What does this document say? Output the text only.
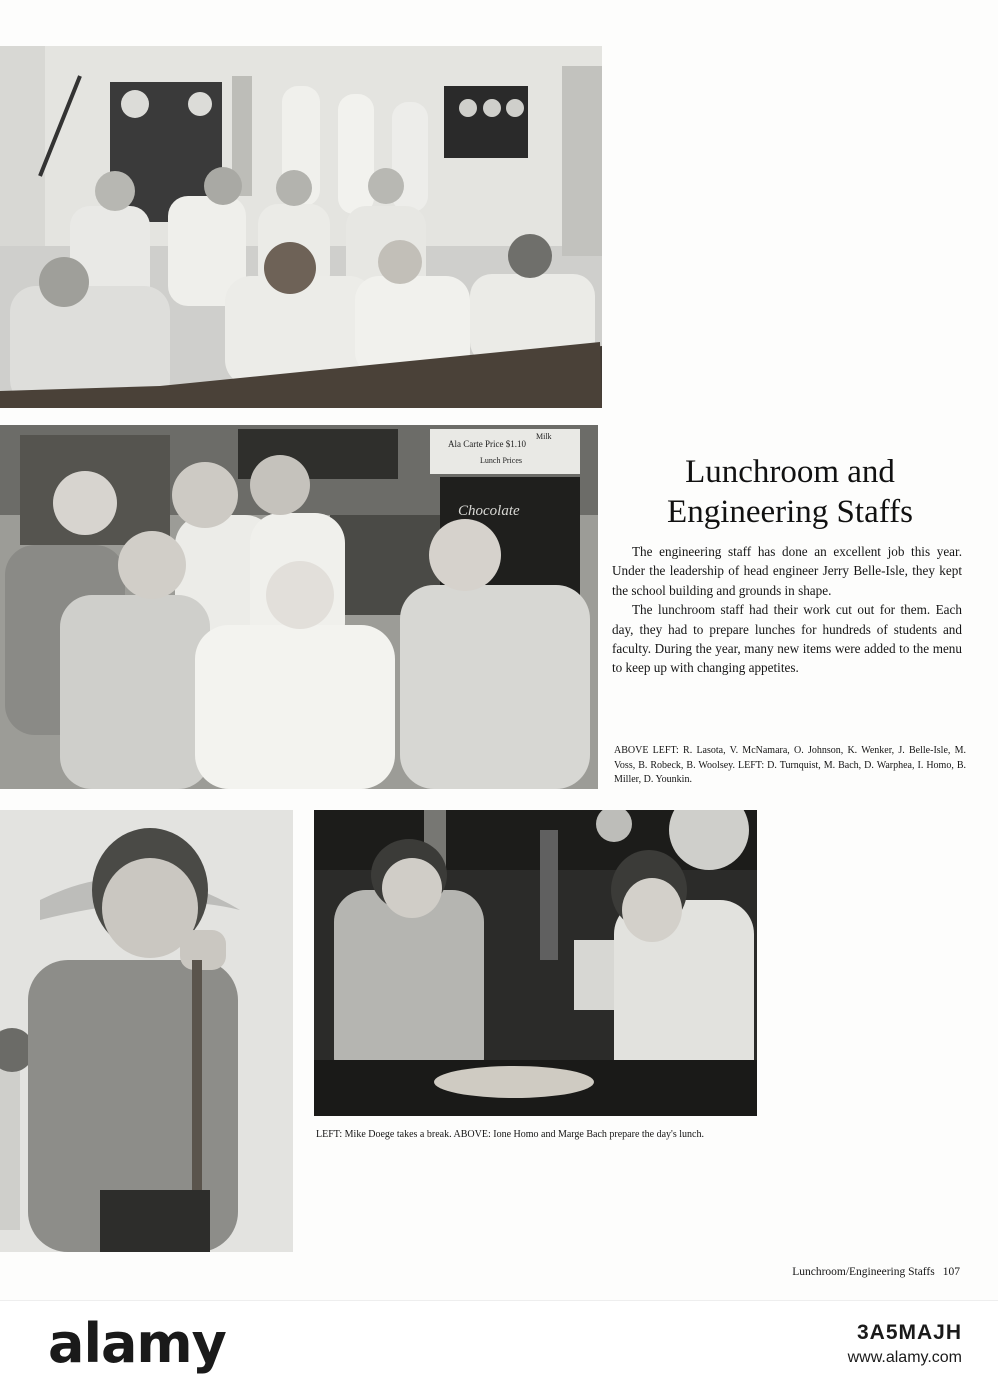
Ala Carte Price $1.10
Lunch Prices
Milk
Chocolate
Lunchroom and
Engineering Staffs

The engineering staff has done an excellent job this year. Under the leadership of head engineer Jerry Belle-Isle, they kept the school building and grounds in shape.

The lunchroom staff had their work cut out for them. Each day, they had to prepare lunches for hundreds of students and faculty. During the year, many new items were added to the menu to keep up with changing appetites.

ABOVE LEFT: R. Lasota, V. McNamara, O. Johnson, K. Wenker, J. Belle-Isle, M. Voss, B. Robeck, B. Woolsey. LEFT: D. Turnquist, M. Bach, D. Warphea, I. Homo, B. Miller, D. Younkin.
LEFT: Mike Doege takes a break. ABOVE: Ione Homo and Marge Bach prepare the day's lunch.
Lunchroom/Engineering Staffs 107
alamy	3A5MAJH
www.alamy.com
